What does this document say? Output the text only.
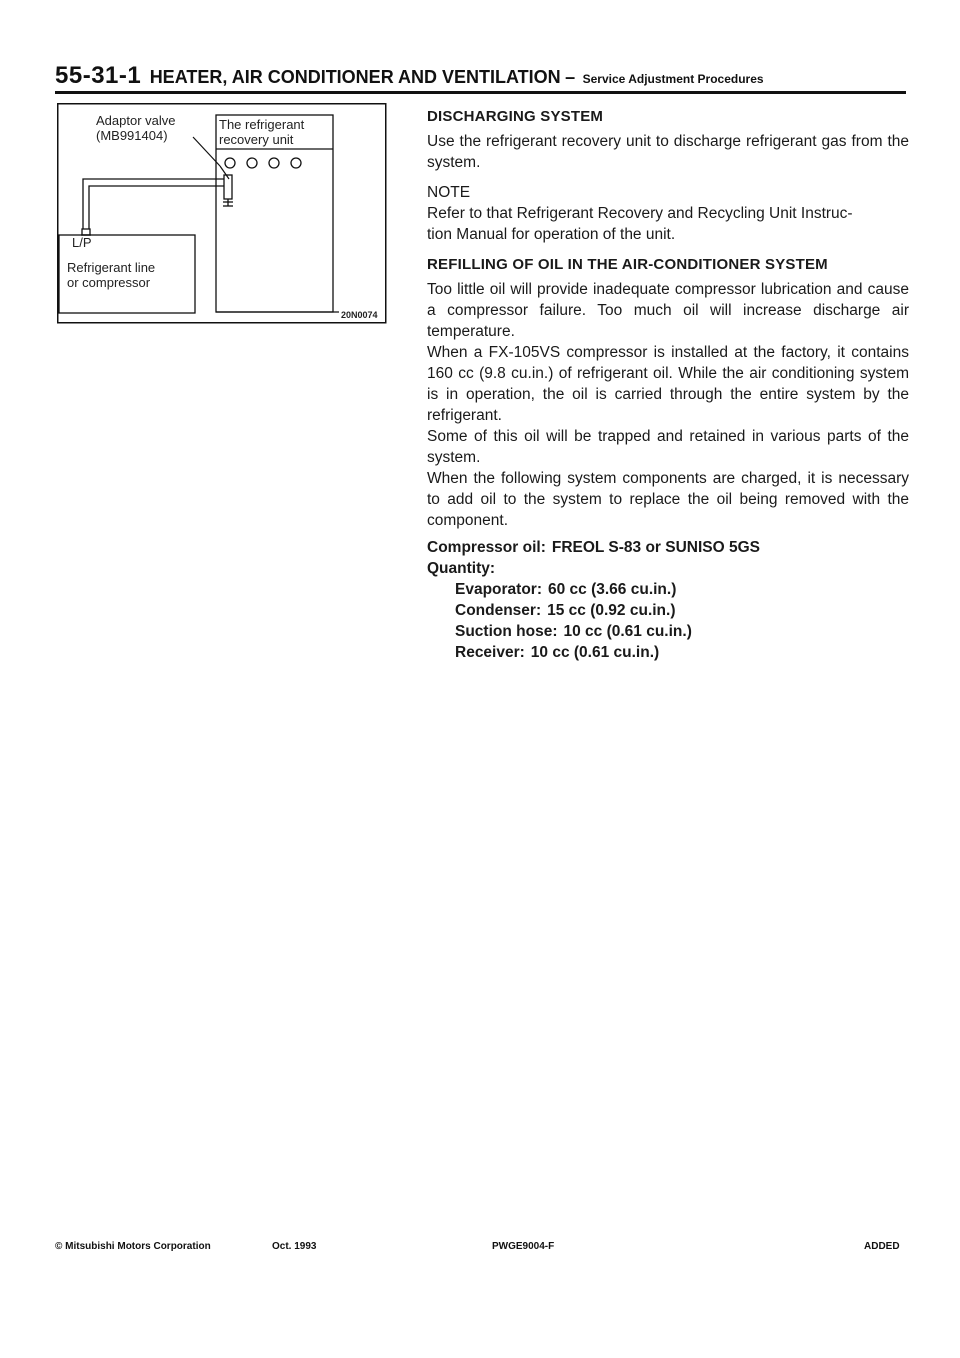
55-31-1 HEATER, AIR CONDITIONER AND VENTILATION – Service Adjustment Procedures
Adaptor valve
(MB991404)
The refrigerant
recovery unit
L/P
Refrigerant line
or compressor
20N0074
DISCHARGING SYSTEM

Use the refrigerant recovery unit to discharge refrigerant gas from the system.

NOTE

Refer to that Refrigerant Recovery and Recycling Unit Instruc-

tion Manual for operation of the unit.

REFILLING OF OIL IN THE AIR-CONDITIONER SYSTEM

Too little oil will provide inadequate compressor lubrication and cause a compressor failure. Too much oil will increase discharge air temperature.

When a FX-105VS compressor is installed at the factory, it contains 160 cc (9.8 cu.in.) of refrigerant oil. While the air conditioning system is in operation, the oil is carried through the entire system by the refrigerant.

Some of this oil will be trapped and retained in various parts of the system.

When the following system components are charged, it is necessary to add oil to the system to replace the oil being removed with the component.

Compressor oil: FREOL S-83 or SUNISO 5GS
Quantity:
Evaporator: 60 cc (3.66 cu.in.)
Condenser: 15 cc (0.92 cu.in.)
Suction hose: 10 cc (0.61 cu.in.)
Receiver: 10 cc (0.61 cu.in.)
© Mitsubishi Motors Corporation	Oct. 1993	PWGE9004-F	ADDED
